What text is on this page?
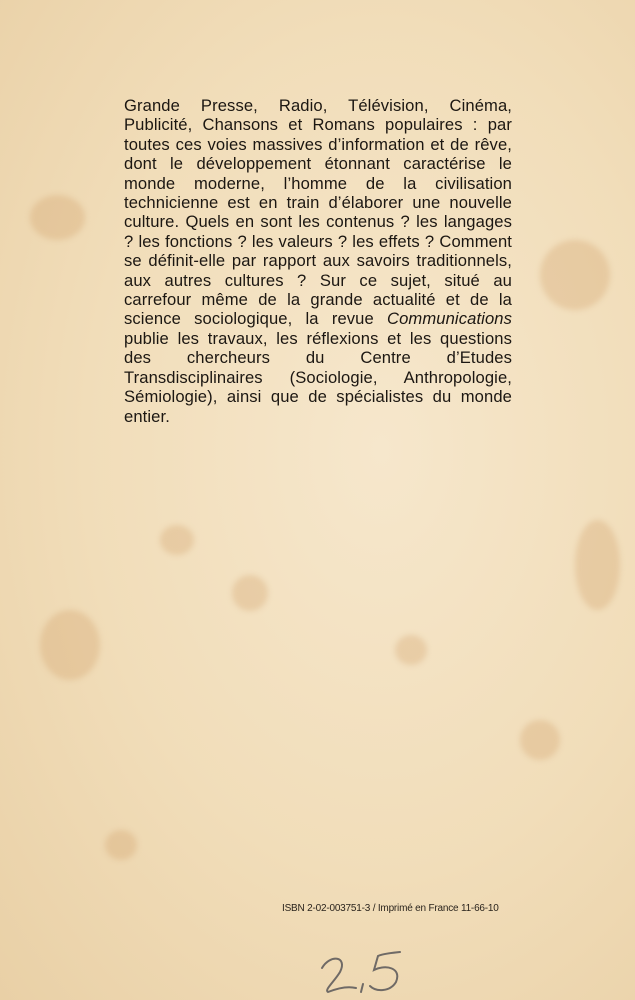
Grande Presse, Radio, Télévision, Cinéma, Publicité, Chansons et Romans populaires : par toutes ces voies massives d’information et de rêve, dont le développement étonnant caractérise le monde moderne, l’homme de la civilisation technicienne est en train d’élaborer une nouvelle culture. Quels en sont les contenus ? les langages ? les fonctions ? les valeurs ? les effets ? Comment se définit-elle par rapport aux savoirs traditionnels, aux autres cultures ? Sur ce sujet, situé au carrefour même de la grande actualité et de la science sociologique, la revue Communications publie les travaux, les réflexions et les questions des chercheurs du Centre d’Etudes Transdisciplinaires (Sociologie, Anthropologie, Sémiologie), ainsi que de spécialistes du monde entier.

ISBN 2-02-003751-3 / Imprimé en France 11-66-10
